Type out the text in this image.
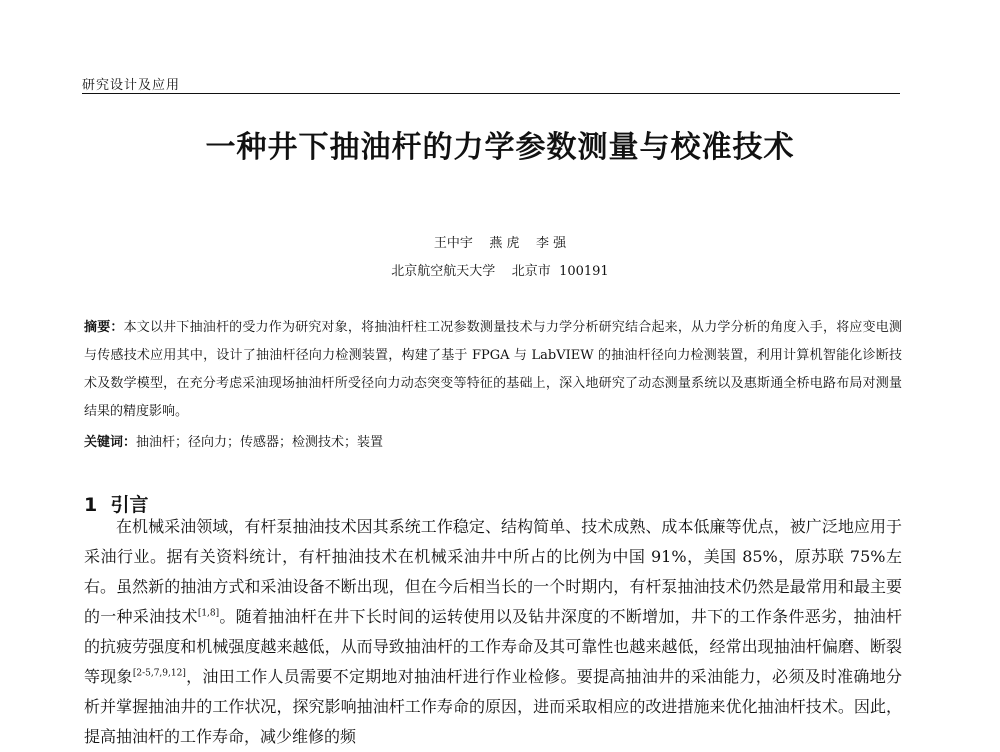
研究设计及应用
一种井下抽油杆的力学参数测量与校准技术
王中宇    燕 虎    李 强
北京航空航天大学    北京市  100191
摘要：本文以井下抽油杆的受力作为研究对象，将抽油杆柱工况参数测量技术与力学分析研究结合起来，从力学分析的角度入手，将应变电测与传感技术应用其中，设计了抽油杆径向力检测装置，构建了基于 FPGA 与 LabVIEW 的抽油杆径向力检测装置，利用计算机智能化诊断技术及数学模型，在充分考虑采油现场抽油杆所受径向力动态突变等特征的基础上，深入地研究了动态测量系统以及惠斯通全桥电路布局对测量结果的精度影响。
关键词：抽油杆；径向力；传感器；检测技术；装置
1  引言
在机械采油领域，有杆泵抽油技术因其系统工作稳定、结构简单、技术成熟、成本低廉等优点，被广泛地应用于采油行业。据有关资料统计，有杆抽油技术在机械采油井中所占的比例为中国 91%，美国 85%，原苏联 75%左右。虽然新的抽油方式和采油设备不断出现，但在今后相当长的一个时期内，有杆泵抽油技术仍然是最常用和最主要的一种采油技术[1,8]。随着抽油杆在井下长时间的运转使用以及钻井深度的不断增加，井下的工作条件恶劣，抽油杆的抗疲劳强度和机械强度越来越低，从而导致抽油杆的工作寿命及其可靠性也越来越低，经常出现抽油杆偏磨、断裂等现象[2-5,7,9,12]，油田工作人员需要不定期地对抽油杆进行作业检修。要提高抽油井的采油能力，必须及时准确地分析并掌握抽油井的工作状况，探究影响抽油杆工作寿命的原因，进而采取相应的改进措施来优化抽油杆技术。因此，提高抽油杆的工作寿命，减少维修的频
